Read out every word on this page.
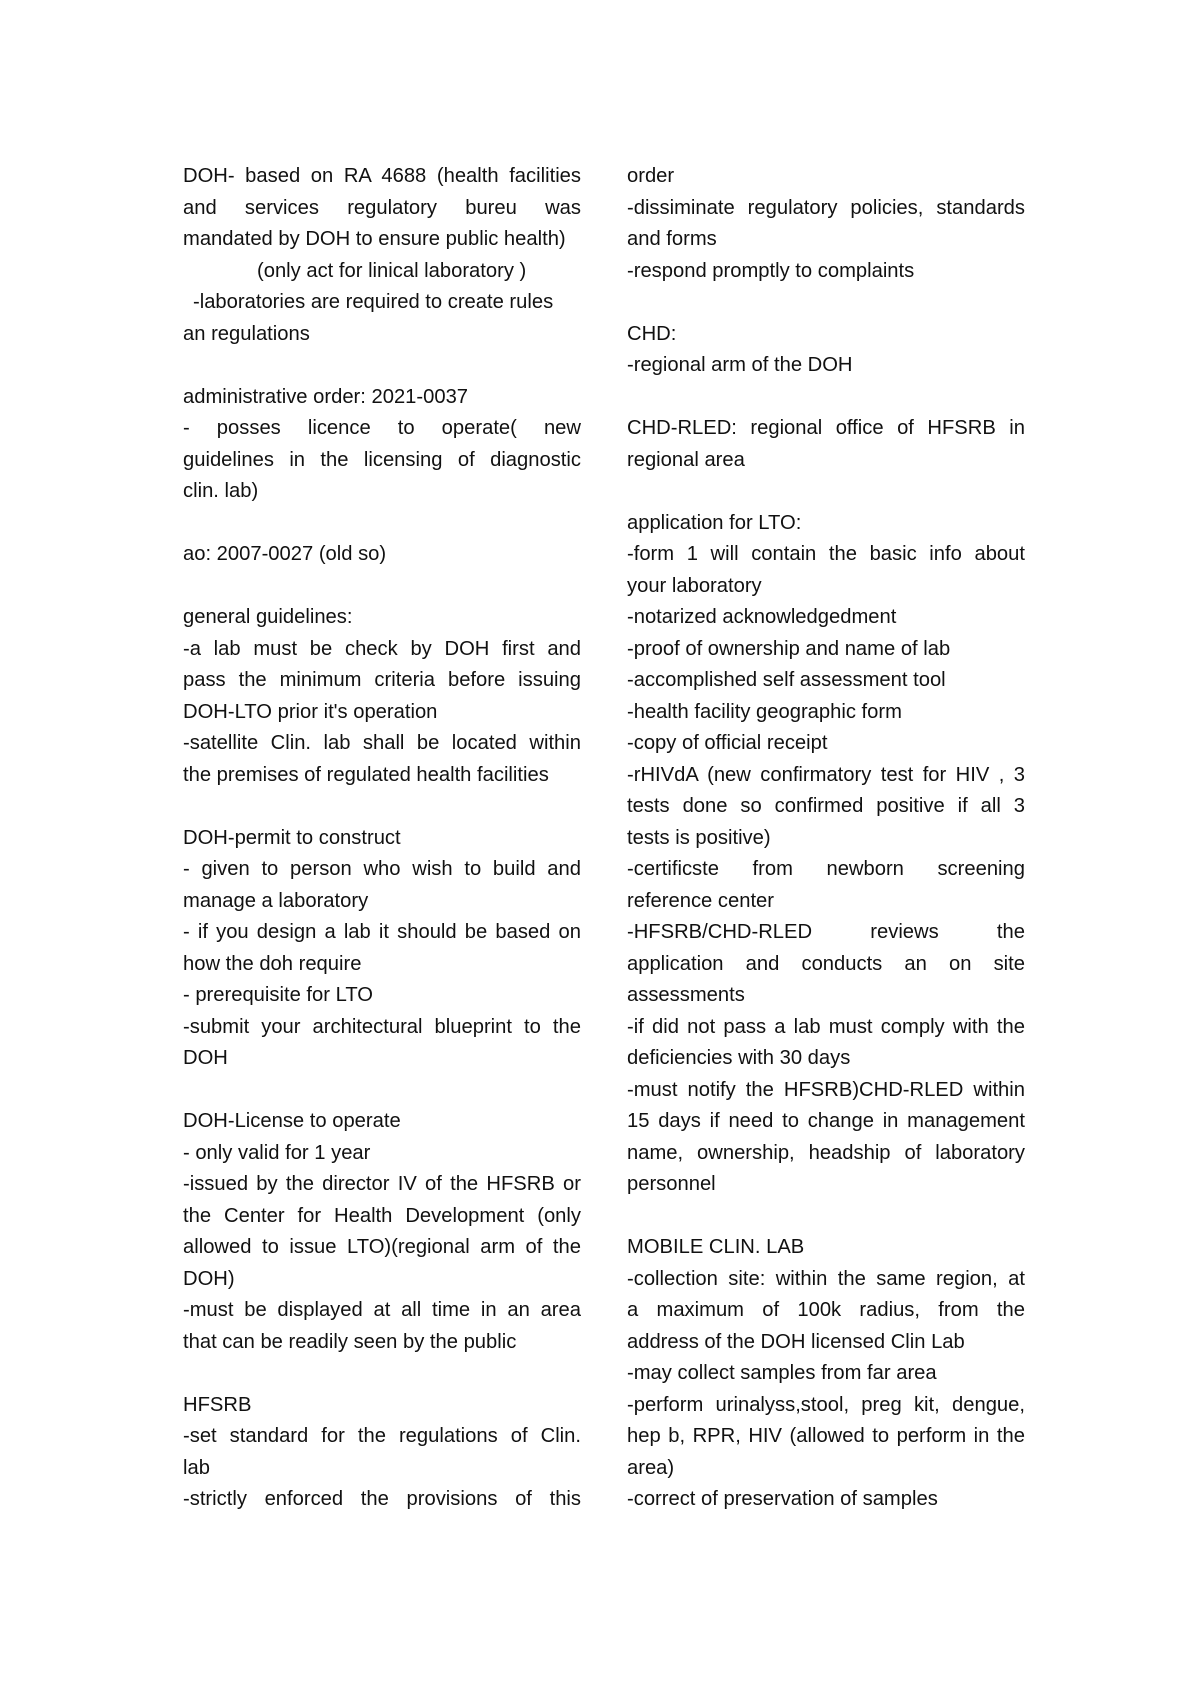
DOH- based on RA 4688 (health facilities
and services regulatory bureu was
mandated by DOH to ensure public health)
(only act for linical laboratory )
-laboratories are required to create rules
an regulations
administrative order: 2021-0037
- posses licence to operate( new
guidelines in the licensing of diagnostic
clin. lab)
ao: 2007-0027 (old so)
general guidelines:
-a lab must be check by DOH first and
pass the minimum criteria before issuing
DOH-LTO prior it's operation
-satellite Clin. lab shall be located within
the premises of regulated health facilities
DOH-permit to construct
- given to person who wish to build and
manage a laboratory
- if you design a lab it should be based on
how the doh require
- prerequisite for LTO
-submit your architectural blueprint to the
DOH
DOH-License to operate
- only valid for 1 year
-issued by the director IV of the HFSRB or
the Center for Health Development (only
allowed to issue LTO)(regional arm of the
DOH)
-must be displayed at all time in an area
that can be readily seen by the public
HFSRB
-set standard for the regulations of Clin.
lab
-strictly enforced the provisions of this
order
-dissiminate regulatory policies, standards
and forms
-respond promptly to complaints
CHD:
-regional arm of the DOH
CHD-RLED: regional office of HFSRB in
regional area
application for LTO:
-form 1 will contain the basic info about
your laboratory
-notarized acknowledgedment
-proof of ownership and name of lab
-accomplished self assessment tool
-health facility geographic form
-copy of official receipt
-rHIVdA (new confirmatory test for HIV , 3
tests done so confirmed positive if all 3
tests is positive)
-certificste from newborn screening
reference center
-HFSRB/CHD-RLED reviews the
application and conducts an on site
assessments
-if did not pass a lab must comply with the
deficiencies with 30 days
-must notify the HFSRB)CHD-RLED within
15 days if need to change in management
name, ownership, headship of laboratory
personnel
MOBILE CLIN. LAB
-collection site: within the same region, at
a maximum of 100k radius, from the
address of the DOH licensed Clin Lab
-may collect samples from far area
-perform urinalyss,stool, preg kit, dengue,
hep b, RPR, HIV (allowed to perform in the
area)
-correct of preservation of samples
